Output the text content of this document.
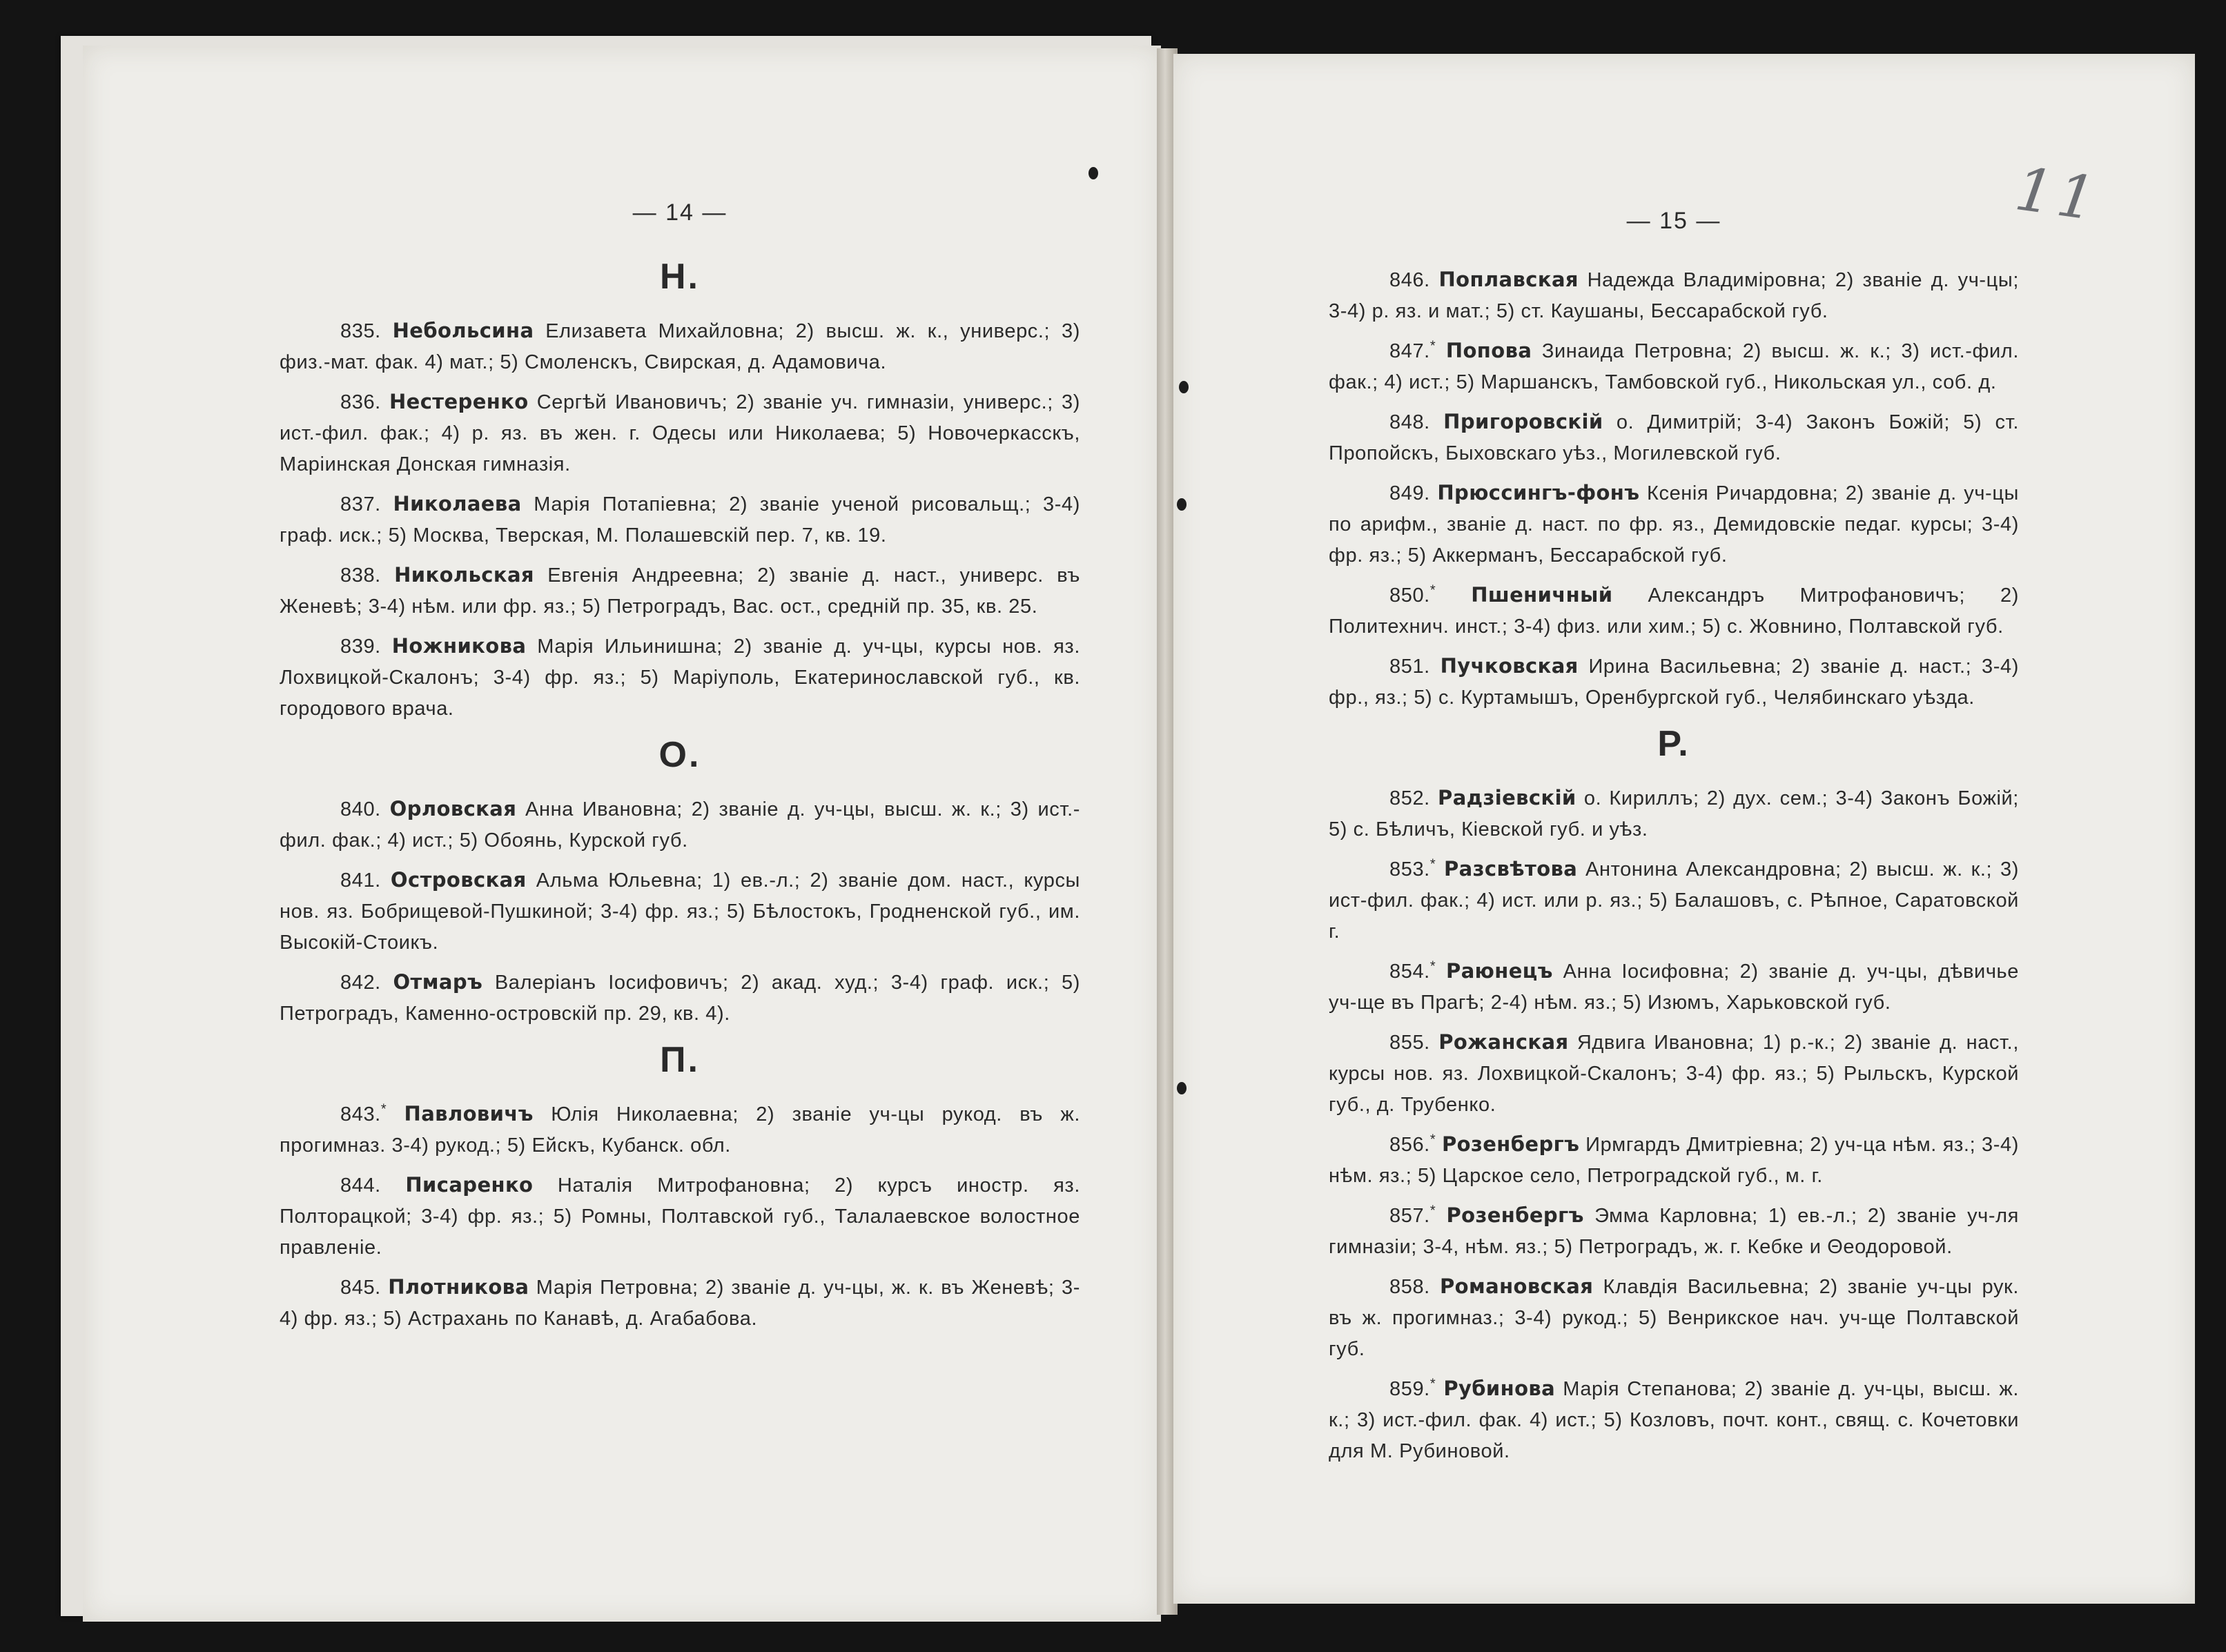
— 14 —
Н.

835. Небольсина Елизавета Михайловна; 2) высш. ж. к., универс.; 3) физ.-мат. фак. 4) мат.; 5) Смоленскъ, Свирская, д. Адамовича.

836. Нестеренко Сергѣй Ивановичъ; 2) званіе уч. гимназіи, универс.; 3) ист.-фил. фак.; 4) р. яз. въ жен. г. Одесы или Николаева; 5) Новочеркасскъ, Маріинская Донская гимназія.

837. Николаева Марія Потапіевна; 2) званіе ученой рисовальщ.; 3-4) граф. иск.; 5) Москва, Тверская, М. Полашевскій пер. 7, кв. 19.

838. Никольская Евгенія Андреевна; 2) званіе д. наст., универс. въ Женевѣ; 3-4) нѣм. или фр. яз.; 5) Петроградъ, Вас. ост., средній пр. 35, кв. 25.

839. Ножникова Марія Ильинишна; 2) званіе д. уч-цы, курсы нов. яз. Лохвицкой-Скалонъ; 3-4) фр. яз.; 5) Маріуполь, Екатеринославской губ., кв. городового врача.

О.

840. Орловская Анна Ивановна; 2) званіе д. уч-цы, высш. ж. к.; 3) ист.-фил. фак.; 4) ист.; 5) Обоянь, Курской губ.

841. Островская Альма Юльевна; 1) ев.-л.; 2) званіе дом. наст., курсы нов. яз. Бобрищевой-Пушкиной; 3-4) фр. яз.; 5) Бѣлостокъ, Гродненской губ., им. Высокій-Стоикъ.

842. Отмаръ Валеріанъ Іосифовичъ; 2) акад. худ.; 3-4) граф. иск.; 5) Петроградъ, Каменно-островскій пр. 29, кв. 4).

П.

843.* Павловичъ Юлія Николаевна; 2) званіе уч-цы рукод. въ ж. прогимназ. 3-4) рукод.; 5) Ейскъ, Кубанск. обл.

844. Писаренко Наталія Митрофановна; 2) курсъ иностр. яз. Полторацкой; 3-4) фр. яз.; 5) Ромны, Полтавской губ., Талалаевское волостное правленіе.

845. Плотникова Марія Петровна; 2) званіе д. уч-цы, ж. к. въ Женевѣ; 3-4) фр. яз.; 5) Астрахань по Канавѣ, д. Агабабова.

— 15 —

846. Поплавская Надежда Владиміровна; 2) званіе д. уч-цы; 3-4) р. яз. и мат.; 5) ст. Каушаны, Бессарабской губ.

847.* Попова Зинаида Петровна; 2) высш. ж. к.; 3) ист.-фил. фак.; 4) ист.; 5) Маршанскъ, Тамбовской губ., Никольская ул., соб. д.

848. Пригоровскій о. Димитрій; 3-4) Законъ Божій; 5) ст. Пропойскъ, Быховскаго уѣз., Могилевской губ.

849. Прюссингъ-фонъ Ксенія Ричардовна; 2) званіе д. уч-цы по арифм., званіе д. наст. по фр. яз., Демидовскіе педаг. курсы; 3-4) фр. яз.; 5) Аккерманъ, Бессарабской губ.

850.* Пшеничный Александръ Митрофановичъ; 2) Политехнич. инст.; 3-4) физ. или хим.; 5) с. Жовнино, Полтавской губ.

851. Пучковская Ирина Васильевна; 2) званіе д. наст.; 3-4) фр., яз.; 5) с. Куртамышъ, Оренбургской губ., Челябинскаго уѣзда.

Р.

852. Радзіевскій о. Кириллъ; 2) дух. сем.; 3-4) Законъ Божій; 5) с. Бѣличъ, Кіевской губ. и уѣз.

853.* Разсвѣтова Антонина Александровна; 2) высш. ж. к.; 3) ист-фил. фак.; 4) ист. или р. яз.; 5) Балашовъ, с. Рѣпное, Саратовской г.

854.* Раюнецъ Анна Іосифовна; 2) званіе д. уч-цы, дѣвичье уч-ще въ Прагѣ; 2-4) нѣм. яз.; 5) Изюмъ, Харьковской губ.

855. Рожанская Ядвига Ивановна; 1) р.-к.; 2) званіе д. наст., курсы нов. яз. Лохвицкой-Скалонъ; 3-4) фр. яз.; 5) Рыльскъ, Курской губ., д. Трубенко.

856.* Розенбергъ Ирмгардъ Дмитріевна; 2) уч-ца нѣм. яз.; 3-4) нѣм. яз.; 5) Царское село, Петроградской губ., м. г.

857.* Розенбергъ Эмма Карловна; 1) ев.-л.; 2) званіе уч-ля гимназіи; 3-4, нѣм. яз.; 5) Петроградъ, ж. г. Кебке и Θеодоровой.

858. Романовская Клавдія Васильевна; 2) званіе уч-цы рук. въ ж. прогимназ.; 3-4) рукод.; 5) Венрикское нач. уч-ще Полтавской губ.

859.* Рубинова Марія Степанова; 2) званіе д. уч-цы, высш. ж. к.; 3) ист.-фил. фак. 4) ист.; 5) Козловъ, почт. конт., свящ. с. Кочетовки для М. Рубиновой.

11
